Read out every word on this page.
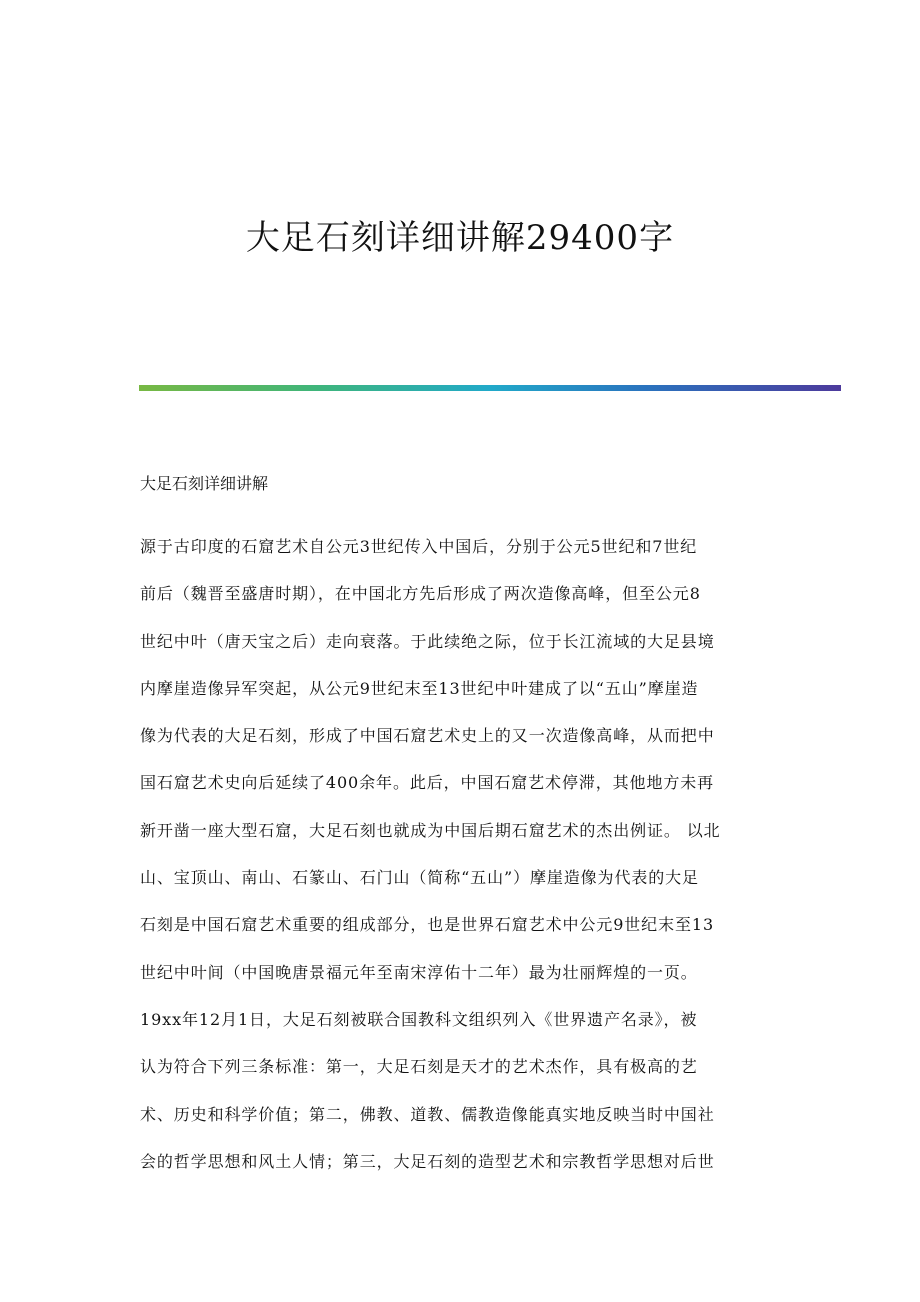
大足石刻详细讲解29400字

大足石刻详细讲解

源于古印度的石窟艺术自公元3世纪传入中国后，分别于公元5世纪和7世纪
前后（魏晋至盛唐时期），在中国北方先后形成了两次造像高峰，但至公元8
世纪中叶（唐天宝之后）走向衰落。于此续绝之际，位于长江流域的大足县境
内摩崖造像异军突起，从公元9世纪末至13世纪中叶建成了以“五山”摩崖造
像为代表的大足石刻，形成了中国石窟艺术史上的又一次造像高峰，从而把中
国石窟艺术史向后延续了400余年。此后，中国石窟艺术停滞，其他地方未再
新开凿一座大型石窟，大足石刻也就成为中国后期石窟艺术的杰出例证。 以北
山、宝顶山、南山、石篆山、石门山（简称“五山”）摩崖造像为代表的大足
石刻是中国石窟艺术重要的组成部分，也是世界石窟艺术中公元9世纪末至13
世纪中叶间（中国晚唐景福元年至南宋淳佑十二年）最为壮丽辉煌的一页。
19xx年12月1日，大足石刻被联合国教科文组织列入《世界遗产名录》，被
认为符合下列三条标准：第一，大足石刻是天才的艺术杰作，具有极高的艺
术、历史和科学价值；第二，佛教、道教、儒教造像能真实地反映当时中国社
会的哲学思想和风土人情；第三，大足石刻的造型艺术和宗教哲学思想对后世
